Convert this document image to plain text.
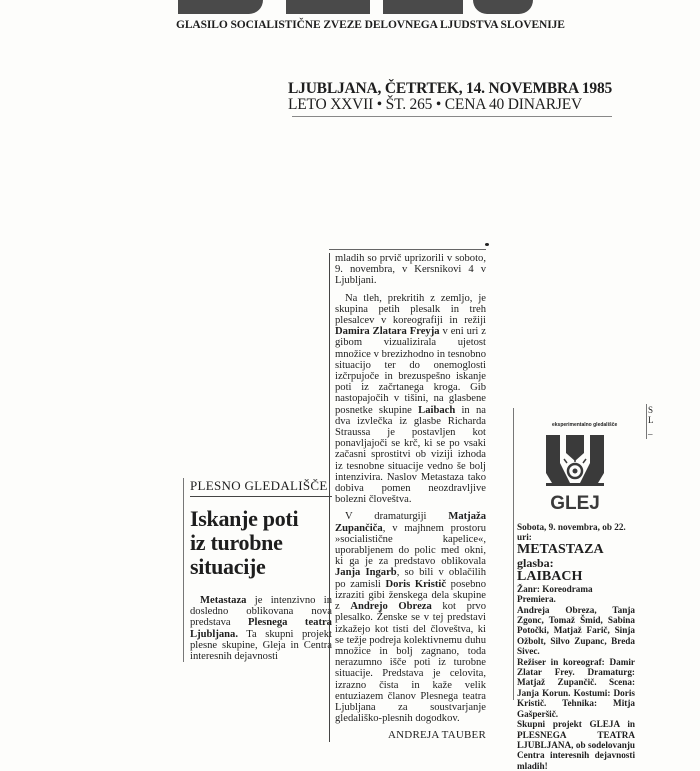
GLASILO SOCIALISTIČNE ZVEZE DELOVNEGA LJUDSTVA SLOVENIJE
LJUBLJANA, ČETRTEK, 14. NOVEMBRA 1985
LETO XXVII • ŠT. 265 • CENA 40 DINARJEV
PLESNO GLEDALIŠČE
Iskanje poti
iz turobne
situacije
Metastaza je intenzivno in dosledno oblikovana nova predstava Plesnega teatra Ljubljana. Ta skupni projekt plesne skupine, Gleja in Centra interesnih dejavnosti

mladih so prvič uprizorili v soboto, 9. novembra, v Kersnikovi 4 v Ljubljani.

Na tleh, prekritih z zemljo, je skupina petih plesalk in treh plesalcev v koreografiji in režiji Damira Zlatara Freyja v eni uri z gibom vizualizirala ujetost množice v brezizhodno in tesnobno situacijo ter do onemoglosti izčrpujoče in brezuspešno iskanje poti iz začrtanega kroga. Gib nastopajočih v tišini, na glasbene posnetke skupine Laibach in na dva izvlečka iz glasbe Richarda Straussa je postavljen kot ponavljajoči se krč, ki se po vsaki začasni sprostitvi ob viziji izhoda iz tesnobne situacije vedno še bolj intenzivira. Naslov Metastaza tako dobiva pomen neozdravljive bolezni človeštva.

V dramaturgiji Matjaža Zupančiča, v majhnem prostoru »socialistične kapelice«, uporabljenem do polic med okni, ki ga je za predstavo oblikovala Janja Ingarb, so bili v oblačilih po zamisli Doris Kristič posebno izraziti gibi ženskega dela skupine z Andrejo Obreza kot prvo plesalko. Ženske se v tej predstavi izkažejo kot tisti del človeštva, ki se težje podreja kolektivnemu duhu množice in bolj zagnano, toda nerazumno išče poti iz turobne situacije. Predstava je celovita, izrazno čista in kaže velik entuziazem članov Plesnega teatra Ljubljana za soustvarjanje gledališko-plesnih dogodkov.

ANDREJA TAUBER
eksperimentalno gledališče
GLEJ
Sobota, 9. novembra, ob 22. uri:
METASTAZA
glasba:
LAIBACH
Žanr: Koreodrama
Premiera.
Andreja Obreza, Tanja Zgonc, Tomaž Šmid, Sabina Potočki, Matjaž Farič, Sinja Ožbolt, Silvo Zupanc, Breda Sivec.
Režiser in koreograf: Damir Zlatar Frey. Dramaturg: Matjaž Zupančič. Scena: Janja Korun. Kostumi: Doris Kristič. Tehnika: Mitja Gašperšič.
Skupni projekt GLEJA in PLESNEGA TEATRA LJUBLJANA, ob sodelovanju Centra interesnih dejavnosti mladih!
S
L
–
